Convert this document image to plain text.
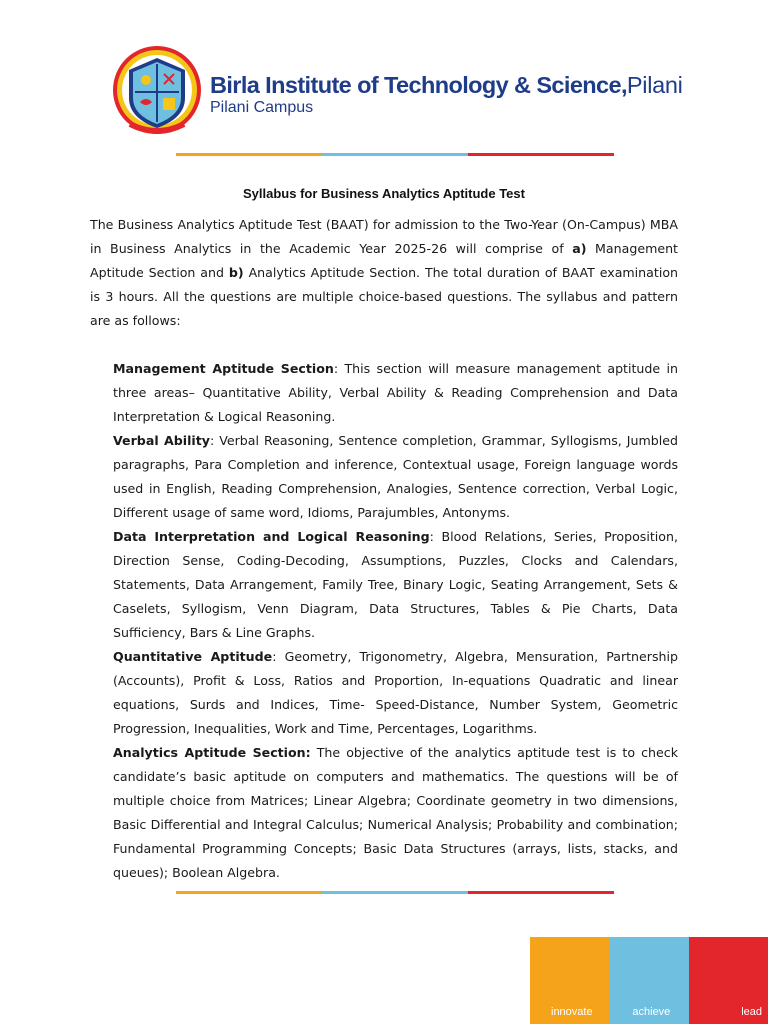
Birla Institute of Technology & Science,Pilani
Pilani Campus
Syllabus for Business Analytics Aptitude Test

The Business Analytics Aptitude Test (BAAT) for admission to the Two-Year (On-Campus) MBA in Business Analytics in the Academic Year 2025-26 will comprise of a) Management Aptitude Section and b) Analytics Aptitude Section. The total duration of BAAT examination is 3 hours. All the questions are multiple choice-based questions. The syllabus and pattern are as follows:

Management Aptitude Section: This section will measure management aptitude in three areas– Quantitative Ability, Verbal Ability & Reading Comprehension and Data Interpretation & Logical Reasoning.

Verbal Ability: Verbal Reasoning, Sentence completion, Grammar, Syllogisms, Jumbled paragraphs, Para Completion and inference, Contextual usage, Foreign language words used in English, Reading Comprehension, Analogies, Sentence correction, Verbal Logic, Different usage of same word, Idioms, Parajumbles, Antonyms.

Data Interpretation and Logical Reasoning: Blood Relations, Series, Proposition, Direction Sense, Coding-Decoding, Assumptions, Puzzles, Clocks and Calendars, Statements, Data Arrangement, Family Tree, Binary Logic, Seating Arrangement, Sets & Caselets, Syllogism, Venn Diagram, Data Structures, Tables & Pie Charts, Data Sufficiency, Bars & Line Graphs.

Quantitative Aptitude: Geometry, Trigonometry, Algebra, Mensuration, Partnership (Accounts), Profit & Loss, Ratios and Proportion, In-equations Quadratic and linear equations, Surds and Indices, Time- Speed-Distance, Number System, Geometric Progression, Inequalities, Work and Time, Percentages, Logarithms.

Analytics Aptitude Section: The objective of the analytics aptitude test is to check candidate’s basic aptitude on computers and mathematics. The questions will be of multiple choice from Matrices; Linear Algebra; Coordinate geometry in two dimensions, Basic Differential and Integral Calculus; Numerical Analysis; Probability and combination; Fundamental Programming Concepts; Basic Data Structures (arrays, lists, stacks, and queues); Boolean Algebra.

innovate	achieve	lead
